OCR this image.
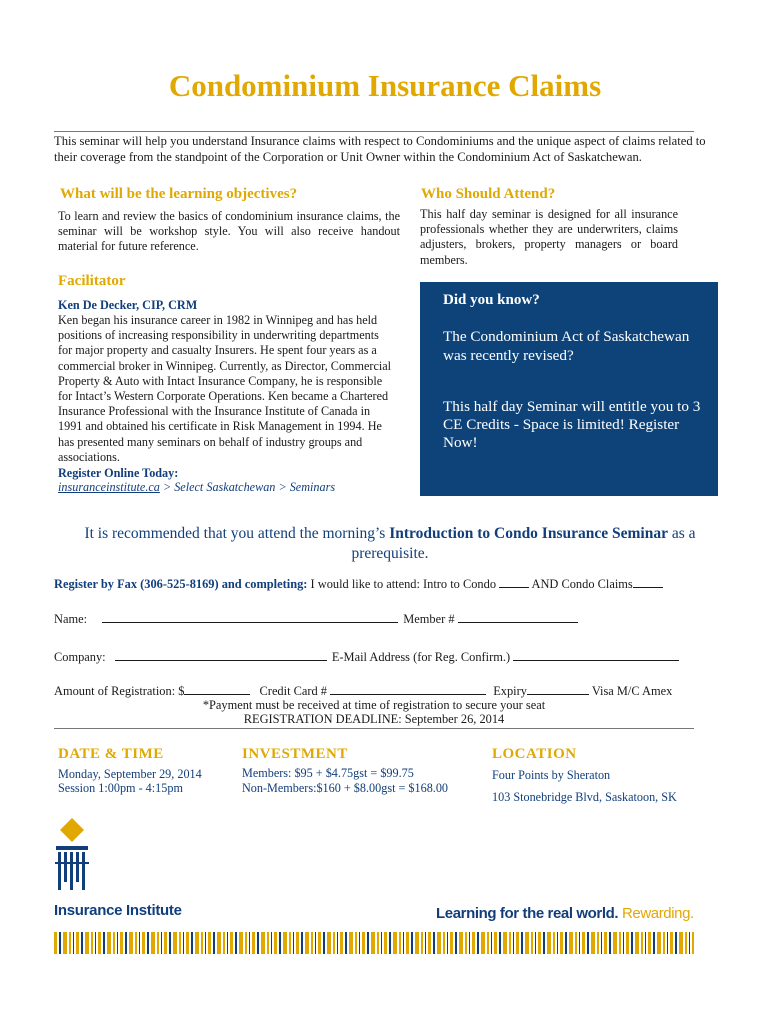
Condominium Insurance Claims
This seminar will help you understand Insurance claims with respect to Condominiums and the unique aspect of claims related to their coverage from the standpoint of the Corporation or Unit Owner within the Condominium Act of Saskatchewan.
What will be the learning objectives?
To learn and review the basics of condominium insurance claims, the seminar will be workshop style. You will also receive handout material for future reference.
Who Should Attend?
This half day seminar is designed for all insurance professionals whether they are underwriters, claims adjusters, brokers, property managers or board members.
Facilitator
Ken De Decker, CIP, CRM
Ken began his insurance career in 1982 in Winnipeg and has held positions of increasing responsibility in underwriting departments for major property and casualty Insurers. He spent four years as a commercial broker in Winnipeg. Currently, as Director, Commercial Property & Auto with Intact Insurance Company, he is responsible for Intact’s Western Corporate Operations. Ken became a Chartered Insurance Professional with the Insurance Institute of Canada in 1991 and obtained his certificate in Risk Management in 1994. He has presented many seminars on behalf of industry groups and associations.
Register Online Today:
insuranceinstitute.ca > Select Saskatchewan > Seminars
Did you know?
The Condominium Act of Saskatchewan was recently revised?
This half day Seminar will entitle you to 3 CE Credits - Space is limited! Register Now!
It is recommended that you attend the morning’s Introduction to Condo Insurance Seminar as a prerequisite.
Register by Fax (306-525-8169) and completing: I would like to attend: Intro to Condo  AND Condo Claims
Name:	Member #
Company:	E-Mail Address (for Reg. Confirm.)
Amount of Registration: $	Credit Card #	Expiry	Visa M/C Amex
*Payment must be received at time of registration to secure your seat
REGISTRATION DEADLINE: September 26, 2014
DATE & TIME
Monday, September 29, 2014
Session 1:00pm - 4:15pm
INVESTMENT
Members: $95 + $4.75gst = $99.75
Non-Members:$160 + $8.00gst = $168.00
LOCATION
Four Points by Sheraton
103 Stonebridge Blvd, Saskatoon, SK
Insurance Institute	Learning for the real world. Rewarding.
